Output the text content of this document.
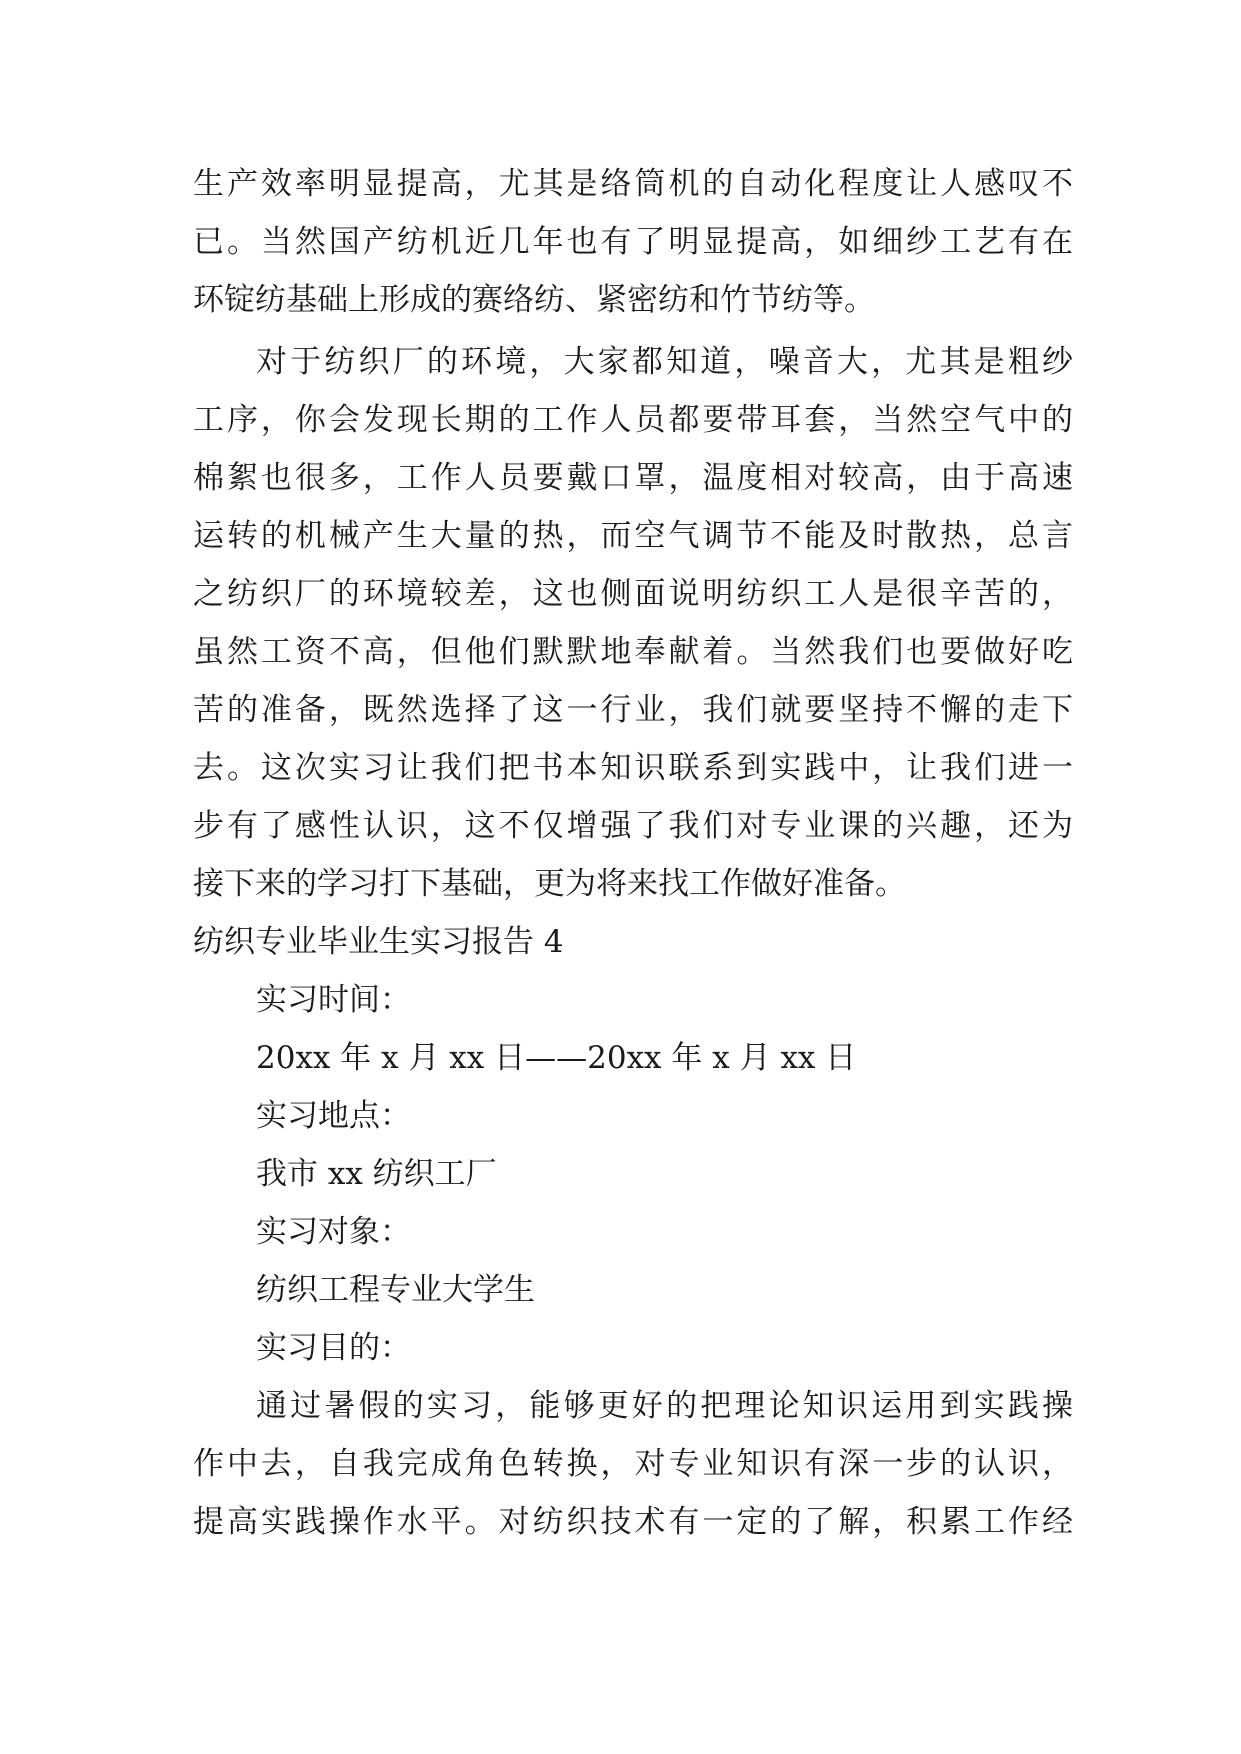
生产效率明显提高，尤其是络筒机的自动化程度让人感叹不
已。当然国产纺机近几年也有了明显提高，如细纱工艺有在
环锭纺基础上形成的赛络纺、紧密纺和竹节纺等。
对于纺织厂的环境，大家都知道，噪音大，尤其是粗纱
工序，你会发现长期的工作人员都要带耳套，当然空气中的
棉絮也很多，工作人员要戴口罩，温度相对较高，由于高速
运转的机械产生大量的热，而空气调节不能及时散热，总言
之纺织厂的环境较差，这也侧面说明纺织工人是很辛苦的，
虽然工资不高，但他们默默地奉献着。当然我们也要做好吃
苦的准备，既然选择了这一行业，我们就要坚持不懈的走下
去。这次实习让我们把书本知识联系到实践中，让我们进一
步有了感性认识，这不仅增强了我们对专业课的兴趣，还为
接下来的学习打下基础，更为将来找工作做好准备。
纺织专业毕业生实习报告 4
实习时间：
20xx 年 x 月 xx 日——20xx 年 x 月 xx 日
实习地点：
我市 xx 纺织工厂
实习对象：
纺织工程专业大学生
实习目的：
通过暑假的实习，能够更好的把理论知识运用到实践操
作中去，自我完成角色转换，对专业知识有深一步的认识，
提高实践操作水平。对纺织技术有一定的了解，积累工作经
